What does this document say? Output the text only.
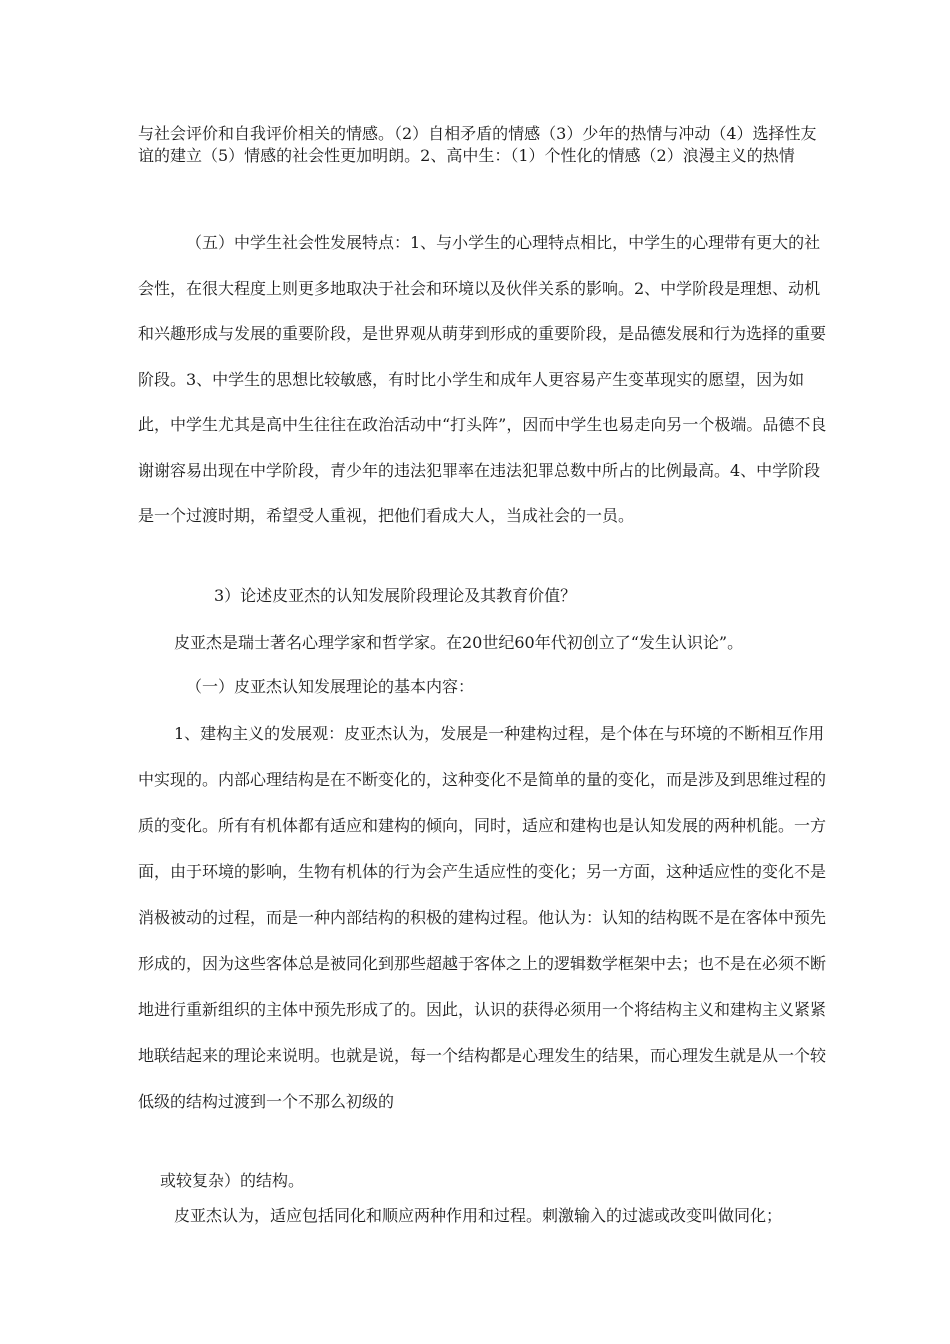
与社会评价和自我评价相关的情感。（2）自相矛盾的情感（3）少年的热情与冲动（4）选择性友谊的建立（5）情感的社会性更加明朗。2、高中生：（1）个性化的情感（2）浪漫主义的热情

（五）中学生社会性发展特点：1、与小学生的心理特点相比，中学生的心理带有更大的社会性，在很大程度上则更多地取决于社会和环境以及伙伴关系的影响。2、中学阶段是理想、动机和兴趣形成与发展的重要阶段，是世界观从萌芽到形成的重要阶段，是品德发展和行为选择的重要阶段。3、中学生的思想比较敏感，有时比小学生和成年人更容易产生变革现实的愿望，因为如此，中学生尤其是高中生往往在政治活动中“打头阵”，因而中学生也易走向另一个极端。品德不良谢谢容易出现在中学阶段，青少年的违法犯罪率在违法犯罪总数中所占的比例最高。4、中学阶段是一个过渡时期，希望受人重视，把他们看成大人，当成社会的一员。

3）论述皮亚杰的认知发展阶段理论及其教育价值？

皮亚杰是瑞士著名心理学家和哲学家。在20世纪60年代初创立了“发生认识论”。

（一）皮亚杰认知发展理论的基本内容：

1、建构主义的发展观：皮亚杰认为，发展是一种建构过程，是个体在与环境的不断相互作用中实现的。内部心理结构是在不断变化的，这种变化不是简单的量的变化，而是涉及到思维过程的质的变化。所有有机体都有适应和建构的倾向，同时，适应和建构也是认知发展的两种机能。一方面，由于环境的影响，生物有机体的行为会产生适应性的变化；另一方面，这种适应性的变化不是消极被动的过程，而是一种内部结构的积极的建构过程。他认为：认知的结构既不是在客体中预先形成的，因为这些客体总是被同化到那些超越于客体之上的逻辑数学框架中去；也不是在必须不断地进行重新组织的主体中预先形成了的。因此，认识的获得必须用一个将结构主义和建构主义紧紧地联结起来的理论来说明。也就是说，每一个结构都是心理发生的结果，而心理发生就是从一个较低级的结构过渡到一个不那么初级的

或较复杂）的结构。

皮亚杰认为，适应包括同化和顺应两种作用和过程。刺激输入的过滤或改变叫做同化；
